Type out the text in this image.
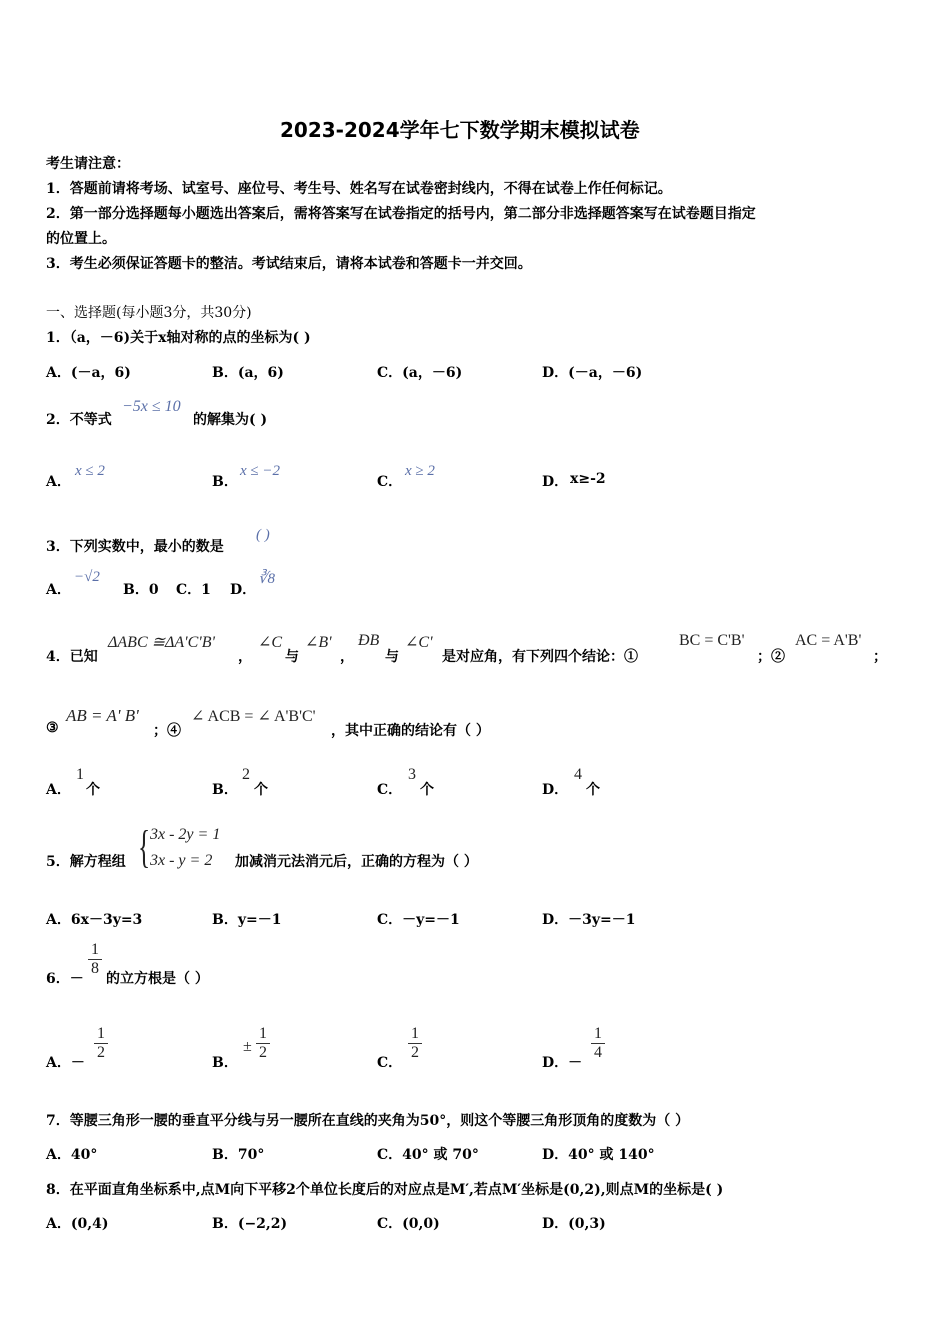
2023-2024学年七下数学期末模拟试卷
考生请注意：
1．答题前请将考场、试室号、座位号、考生号、姓名写在试卷密封线内，不得在试卷上作任何标记。
2．第一部分选择题每小题选出答案后，需将答案写在试卷指定的括号内，第二部分非选择题答案写在试卷题目指定
的位置上。
3．考生必须保证答题卡的整洁。考试结束后，请将本试卷和答题卡一并交回。
一、选择题(每小题3分，共30分)
1．（a，－6)关于x轴对称的点的坐标为( )
A．(－a，6)	B．(a，6)	C．(a，－6)	D．(－a，－6)
2．不等式
−5x ≤ 10
的解集为( )
A．
x ≤ 2
B．
x ≤ −2
C．
x ≥ 2
D． x≥-2
3．下列实数中，最小的数是
( )
A．
−√2
B．0 C．1 D．
∛8
4．已知
ΔABC ≅ΔA'C'B'
，
∠C
与
∠B'
，
ÐB
与
∠C'
是对应角，有下列四个结论：①
BC = C'B'
；②
AC = A'B'
；
③
AB = A' B'
；④
∠ ACB = ∠ A'B'C'
，其中正确的结论有（ ）
A．
1
个	B．
2
个	C．
3
个	D．
4
个
5．解方程组 { 3x - 2y = 1
3x - y = 2 加减消元法消元后，正确的方程为（ ）
A．6x－3y=3	B．y=－1	C．－y=－1	D．－3y=－1
6．－
1
8
的立方根是（ ）
A．－
1
2
B．
±
1
2
C．
1
2
D．－
1
4
7．等腰三角形一腰的垂直平分线与另一腰所在直线的夹角为50°，则这个等腰三角形顶角的度数为（ ）
A．40°	B．70°	C．40° 或 70°	D．40° 或 140°
8．在平面直角坐标系中,点M向下平移2个单位长度后的对应点是M′,若点M′坐标是(0,2),则点M的坐标是( )
A．(0,4)	B．(−2,2)	C．(0,0)	D．(0,3)
